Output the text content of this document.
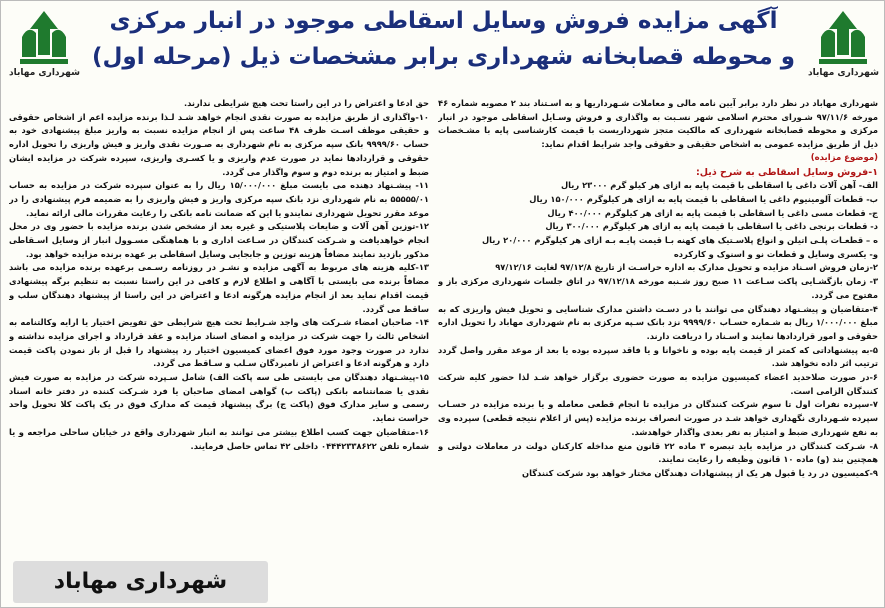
شهرداری مهاباد
آگهی مزایده فروش وسایل اسقاطی موجود در انبار مرکزی
و محوطه قصابخانه شهرداری برابر مشخصات ذیل (مرحله اول)
شهرداری مهاباد

شهرداری مهاباد در نظر دارد برابر آیین نامه مالی و معاملات شـهرداریها و به اسـتناد بند ۲ مصوبه شماره ۴۶ مورخه ۹۷/۱۱/۶ شـورای محترم اسلامی شهر نسـبت به واگذاری و فروش وسـایل اسقاطی موجود در انبار مرکزی و محوطه قصابخانه شهرداری که مالکیت متجز شهرداریست با قیمت کارشناسی پایه با مشـخصات ذیل از طریق مزایده عمومی به اشخاص حقیقی و حقوقی واجد شرایط اقدام نماید:

(موضوع مزایده)

۱-فروش وسایل اسقاطی به شرح ذیل:

الف- آهن آلات داغی یا اسقاطی با قیمت پایه به ازای هر کیلو گرم ۲۳۰۰۰ ریال

ب- قطعات آلومینیوم داغی یا اسقاطی با قیمت پایه به ازای هر کیلوگرم ۱۵۰/۰۰۰ ریال

ج- قطعات مسی داغی یا اسقاطی با قیمت پایه به ازای هر کیلوگرم ۴۰۰/۰۰۰ ریال

د- قطعات برنجی داغی یا اسقاطی با قیمت پایه به ازای هر کیلوگرم ۳۰۰/۰۰۰ ریال

ه – قطعـات پلـی اتیلن و انواع پلاسـتیک های کهنه بـا قیمت پایـه بـه ازای هر کیلوگرم ۲۰/۰۰۰ ریال

و- یکسری وسایل و قطعات نو و اسنوک و کارکرده

۲-زمان فروش اسـناد مزایده و تحویل مدارک به اداره حراسـت از تاریخ ۹۷/۱۲/۸ لغایت ۹۷/۱۲/۱۶

۳- زمان بازگشـایی پاکت سـاعت ۱۱ صبح روز شـنبه مورخه ۹۷/۱۲/۱۸ در اتاق جلسات شهرداری مرکزی باز و مفتوح می گردد.

۴-متقاضیان و پیشـنهاد دهندگان می توانند با در دسـت داشتن مدارک شناسایی و تحویل فیش واریزی که به مبلغ ۱/۰۰۰/۰۰۰ ریال به شـماره حسـاب ۹۹۹۹/۶۰ نزد بانک سـپه مرکزی به نام شهرداری مهاباد را تحویل اداره حقوقی و امور قراردادها نمایند و اسـناد را دریافت دارند.

۵-به پیشنهاداتی که کمتر از قیمت پایه بوده و ناخوانا و یا فاقد سپرده بوده یا بعد از موعد مقرر واصل گردد ترتیب اثر داده نخواهد شد.

۶-در صورت صلاحدید اعضاء کمیسیون مزایده به صورت حضوری برگزار خواهد شـد لذا حضور کلیه شرکت کنندگان الزامی است.

۷-سپرده نفرات اول تا سوم شرکت کنندگان در مزایده تا انجام قطعی معامله و یا برنده مزایده در حسـاب سپرده شـهرداری نگهداری خواهد شـد در صورت انصراف برنده مزایده (پس از اعلام نتیجه قطعی) سپرده وی به نفع شهرداری ضبط و امتیاز به نفر بعدی واگذار خواهدشد.

۸- شـرکت کنندگان در مزایده باید تبصره ۳ ماده ۲۲ قانون منع مداخله کارکنان دولت در معاملات دولتی و همچنین بند (و) ماده ۱۰ قانون وظیفه را رعایت نمایند.

۹-کمیسیون در رد یا قبول هر یک از پیشنهادات دهندگان مختار خواهد بود شرکت کنندگان

حق ادعا و اعتراض را در این راستا تحت هیچ شرایطی ندارند.

۱۰-واگذاری از طریق مزایده به صورت نقدی انجام خواهد شـد لـذا برنده مزایده اعم از اشخاص حقوقی و حقیقی موظف اسـت ظرف ۴۸ ساعت پس از انجام مزایده نسبت به واریز مبلغ پیشنهادی خود به حساب ۹۹۹۹/۶۰ بانک سپه مرکزی به نام شهرداری به صـورت نقدی واریز و فیش واریزی را تحویل اداره حقوقی و قراردادها نماید در صورت عدم واریزی و یا کسـری واریزی، سپرده شرکت در مزایده ایشان ضبط و امتیاز به برنده دوم و سوم واگذار می گردد.

۱۱- پیشـنهاد دهنده می بایست مبلغ ۱۵/۰۰۰/۰۰۰ ریال را به عنوان سپرده شرکت در مزایده به حساب ۵۵۵۵۵/۰۱ به نام شهرداری نزد بانک سپه مرکزی واریز و فیش واریزی را به ضمیمه فرم پیشنهادی را در موعد مقرر تحویل شهرداری نمایندو یا این که ضمانت نامه بانکی را رعایت مقررات مالی ارائه نماید.

۱۲-توزین آهن آلات و ضایعات پلاستیکی و غیره بعد از مشخص شدن برنده مزایده با حضور وی در محل انجام خواهدیافت و شـرکت کنندگان در سـاعت اداری و با هماهنگی مسـوول انبار از وسایل اسـقاطی مذکور بازدید نمایند مضافاً هزینه توزین و جابجایی وسایل اسقاطی بر عهده برنده مزایده خواهد بود.

۱۳-کلیه هزینه های مربوط به آگهی مزایده و نشـر در روزنامه رسـمی برعهده برنده مزایده می باشد مضافاً برنده می بایستی با آگاهی و اطلاع لازم و کافی در این راستا نسبت به تنظیم برگه پیشنهادی قیمت اقدام نماید بعد از انجام مزایده هرگونه ادعا و اعتراض در این راستا از پیشنهاد دهندگان سلب و ساقط می گردد.

۱۴- صاحبان امضاء شـرکت های واجد شـرایط تحت هیچ شرایطی حق تفویض اختیار یا ارایه وکالتنامه به اشخاص ثالث را جهت شرکت در مزایده و امضای اسناد مزایده و عقد قرارداد و اجرای مزایده نداشته و ندارد در صورت وجود مورد فوق اعضای کمیسیون اختیار رد پیشنهاد را قبل از باز نمودن پاکت قیمت دارد و هرگونه ادعا و اعتراض از نامبردگان سـلب و سـاقط می گردد.

۱۵-پیشـنهاد دهندگان می بایستی طی سه پاکت الف) شامل سـپرده شرکت در مزایده به صورت فیش نقدی یا ضمانتنامه بانکی (پاکت ب) گواهی امضای صاحبان یا فرد شـرکت کننده در دفتر خانه اسناد رسمی و سایر مدارک فوق (پاکت ج) برگ پیشنهاد قیمت که مدارک فوق در یک پاکت کلا تحویل واحد حراست نماید.

۱۶-متقاضیان جهت کسب اطلاع بیشتر می توانند به انبار شهرداری واقع در خیابان ساحلی مراجعه و یا شماره تلفن ۰۴۴۴۲۳۳۸۶۲۲ داخلی ۴۲ تماس حاصل فرمایند.

شهرداری مهاباد
